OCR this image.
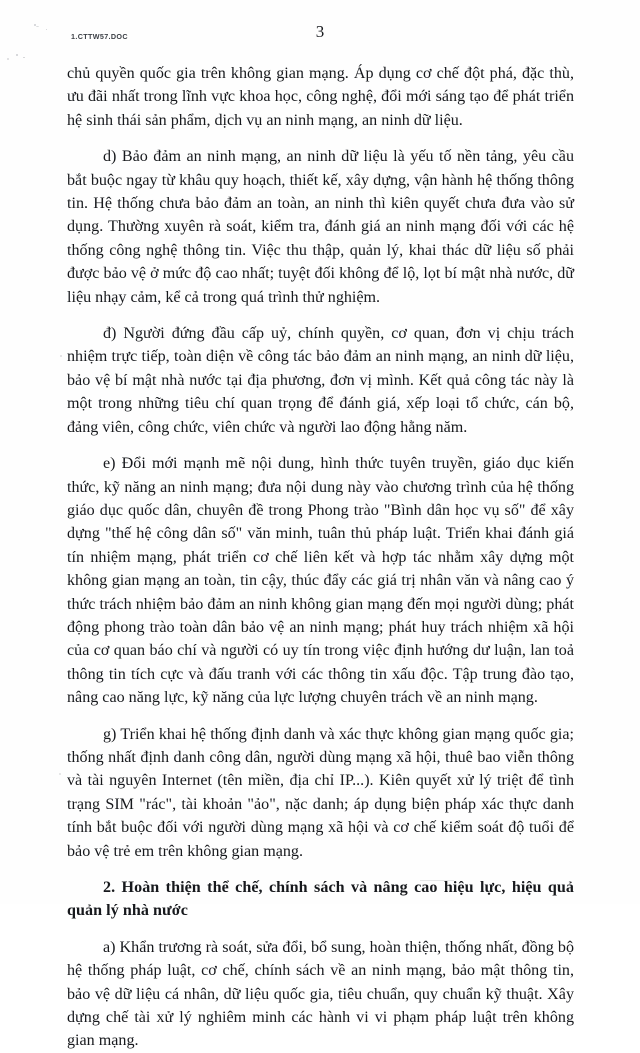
1.CTTW57.DOC	3

chủ quyền quốc gia trên không gian mạng. Áp dụng cơ chế đột phá, đặc thù, ưu đãi nhất trong lĩnh vực khoa học, công nghệ, đổi mới sáng tạo để phát triển hệ sinh thái sản phẩm, dịch vụ an ninh mạng, an ninh dữ liệu.

d) Bảo đảm an ninh mạng, an ninh dữ liệu là yếu tố nền tảng, yêu cầu bắt buộc ngay từ khâu quy hoạch, thiết kế, xây dựng, vận hành hệ thống thông tin. Hệ thống chưa bảo đảm an toàn, an ninh thì kiên quyết chưa đưa vào sử dụng. Thường xuyên rà soát, kiểm tra, đánh giá an ninh mạng đối với các hệ thống công nghệ thông tin. Việc thu thập, quản lý, khai thác dữ liệu số phải được bảo vệ ở mức độ cao nhất; tuyệt đối không để lộ, lọt bí mật nhà nước, dữ liệu nhạy cảm, kể cả trong quá trình thử nghiệm.

đ) Người đứng đầu cấp uỷ, chính quyền, cơ quan, đơn vị chịu trách nhiệm trực tiếp, toàn diện về công tác bảo đảm an ninh mạng, an ninh dữ liệu, bảo vệ bí mật nhà nước tại địa phương, đơn vị mình. Kết quả công tác này là một trong những tiêu chí quan trọng để đánh giá, xếp loại tổ chức, cán bộ, đảng viên, công chức, viên chức và người lao động hằng năm.

e) Đổi mới mạnh mẽ nội dung, hình thức tuyên truyền, giáo dục kiến thức, kỹ năng an ninh mạng; đưa nội dung này vào chương trình của hệ thống giáo dục quốc dân, chuyên đề trong Phong trào "Bình dân học vụ số" để xây dựng "thế hệ công dân số" văn minh, tuân thủ pháp luật. Triển khai đánh giá tín nhiệm mạng, phát triển cơ chế liên kết và hợp tác nhằm xây dựng một không gian mạng an toàn, tin cậy, thúc đẩy các giá trị nhân văn và nâng cao ý thức trách nhiệm bảo đảm an ninh không gian mạng đến mọi người dùng; phát động phong trào toàn dân bảo vệ an ninh mạng; phát huy trách nhiệm xã hội của cơ quan báo chí và người có uy tín trong việc định hướng dư luận, lan toả thông tin tích cực và đấu tranh với các thông tin xấu độc. Tập trung đào tạo, nâng cao năng lực, kỹ năng của lực lượng chuyên trách về an ninh mạng.

g) Triển khai hệ thống định danh và xác thực không gian mạng quốc gia; thống nhất định danh công dân, người dùng mạng xã hội, thuê bao viễn thông và tài nguyên Internet (tên miền, địa chỉ IP...). Kiên quyết xử lý triệt để tình trạng SIM "rác", tài khoản "ảo", nặc danh; áp dụng biện pháp xác thực danh tính bắt buộc đối với người dùng mạng xã hội và cơ chế kiểm soát độ tuổi để bảo vệ trẻ em trên không gian mạng.

2. Hoàn thiện thể chế, chính sách và nâng cao hiệu lực, hiệu quả quản lý nhà nước

a) Khẩn trương rà soát, sửa đổi, bổ sung, hoàn thiện, thống nhất, đồng bộ hệ thống pháp luật, cơ chế, chính sách về an ninh mạng, bảo mật thông tin, bảo vệ dữ liệu cá nhân, dữ liệu quốc gia, tiêu chuẩn, quy chuẩn kỹ thuật. Xây dựng chế tài xử lý nghiêm minh các hành vi vi phạm pháp luật trên không gian mạng.
